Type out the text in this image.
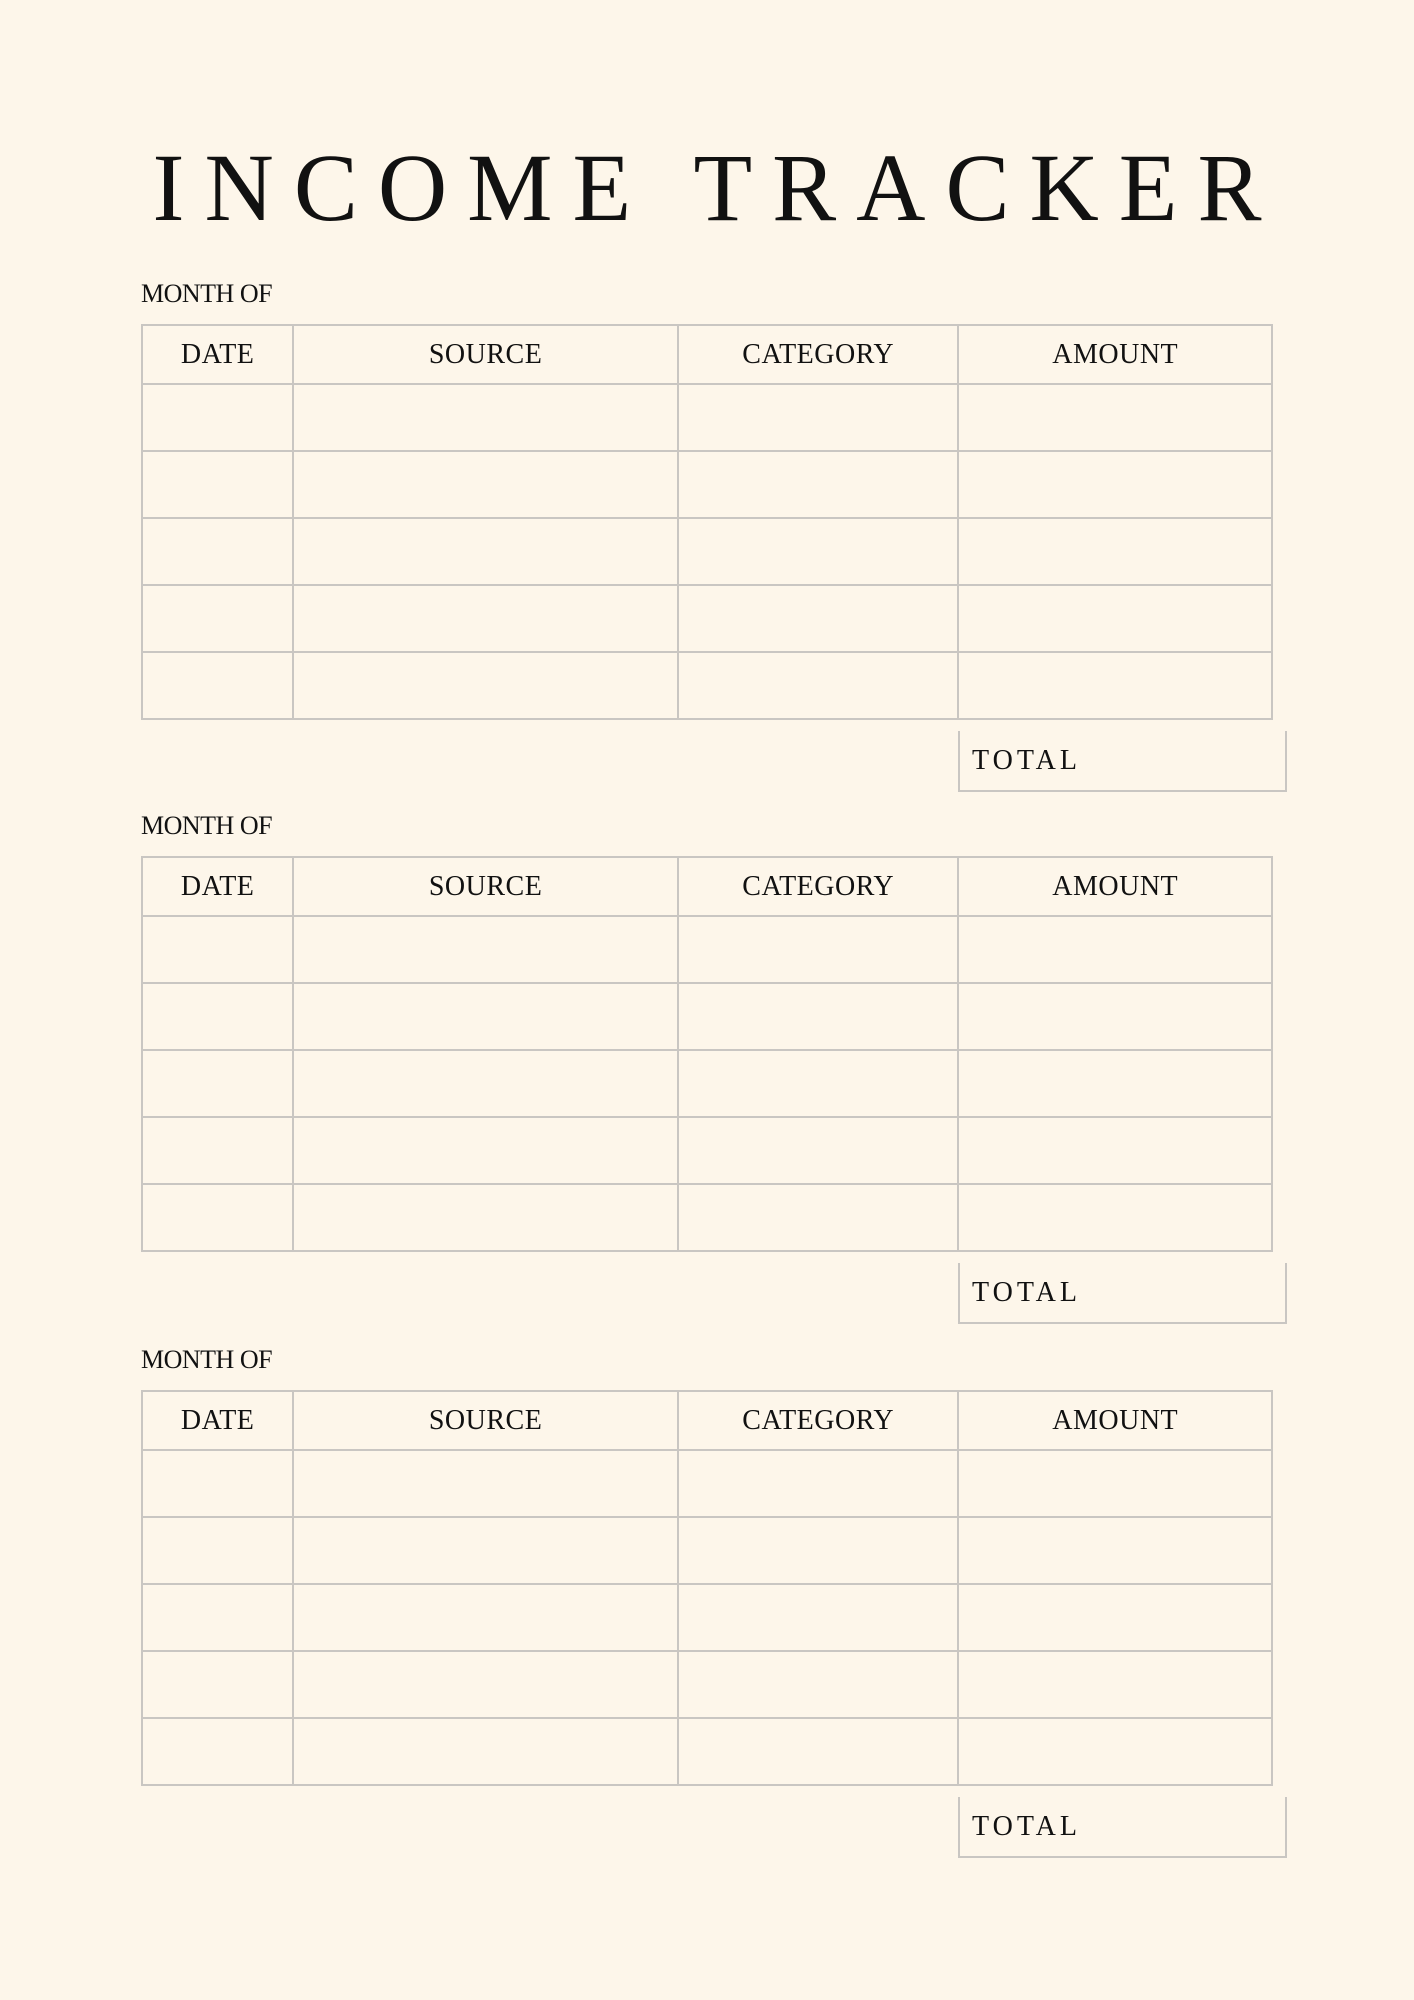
INCOME TRACKER
MONTH OF
DATE	SOURCE	CATEGORY	AMOUNT

TOTAL
MONTH OF
DATE	SOURCE	CATEGORY	AMOUNT

TOTAL
MONTH OF
DATE	SOURCE	CATEGORY	AMOUNT

TOTAL
